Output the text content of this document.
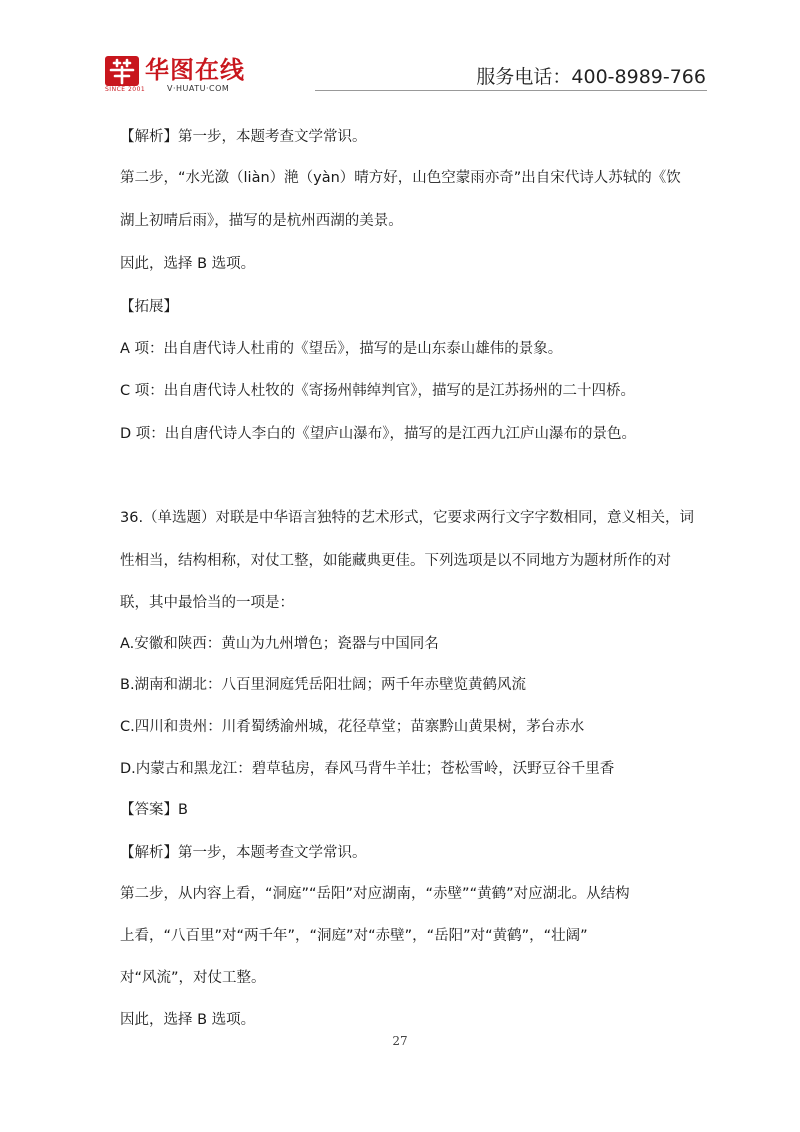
SINCE 2001
华图在线
V·HUATU·COM
服务电话：400-8989-766
【解析】第一步，本题考查文学常识。
第二步，“水光潋（liàn）滟（yàn）晴方好，山色空蒙雨亦奇”出自宋代诗人苏轼的《饮
湖上初晴后雨》，描写的是杭州西湖的美景。
因此，选择 B 选项。
【拓展】
A 项：出自唐代诗人杜甫的《望岳》，描写的是山东泰山雄伟的景象。
C 项：出自唐代诗人杜牧的《寄扬州韩绰判官》，描写的是江苏扬州的二十四桥。
D 项：出自唐代诗人李白的《望庐山瀑布》，描写的是江西九江庐山瀑布的景色。
36.（单选题）对联是中华语言独特的艺术形式，它要求两行文字字数相同，意义相关，词
性相当，结构相称，对仗工整，如能藏典更佳。下列选项是以不同地方为题材所作的对
联，其中最恰当的一项是：
A.安徽和陕西：黄山为九州增色；瓷器与中国同名
B.湖南和湖北：八百里洞庭凭岳阳壮阔；两千年赤壁览黄鹤风流
C.四川和贵州：川肴蜀绣渝州城，花径草堂；苗寨黔山黄果树，茅台赤水
D.内蒙古和黑龙江：碧草毡房，春风马背牛羊壮；苍松雪岭，沃野豆谷千里香
【答案】B
【解析】第一步，本题考查文学常识。
第二步，从内容上看，“洞庭”“岳阳”对应湖南，“赤壁”“黄鹤”对应湖北。从结构
上看，“八百里”对“两千年”，“洞庭”对“赤壁”，“岳阳”对“黄鹤”，“壮阔”
对“风流”，对仗工整。
因此，选择 B 选项。
27
